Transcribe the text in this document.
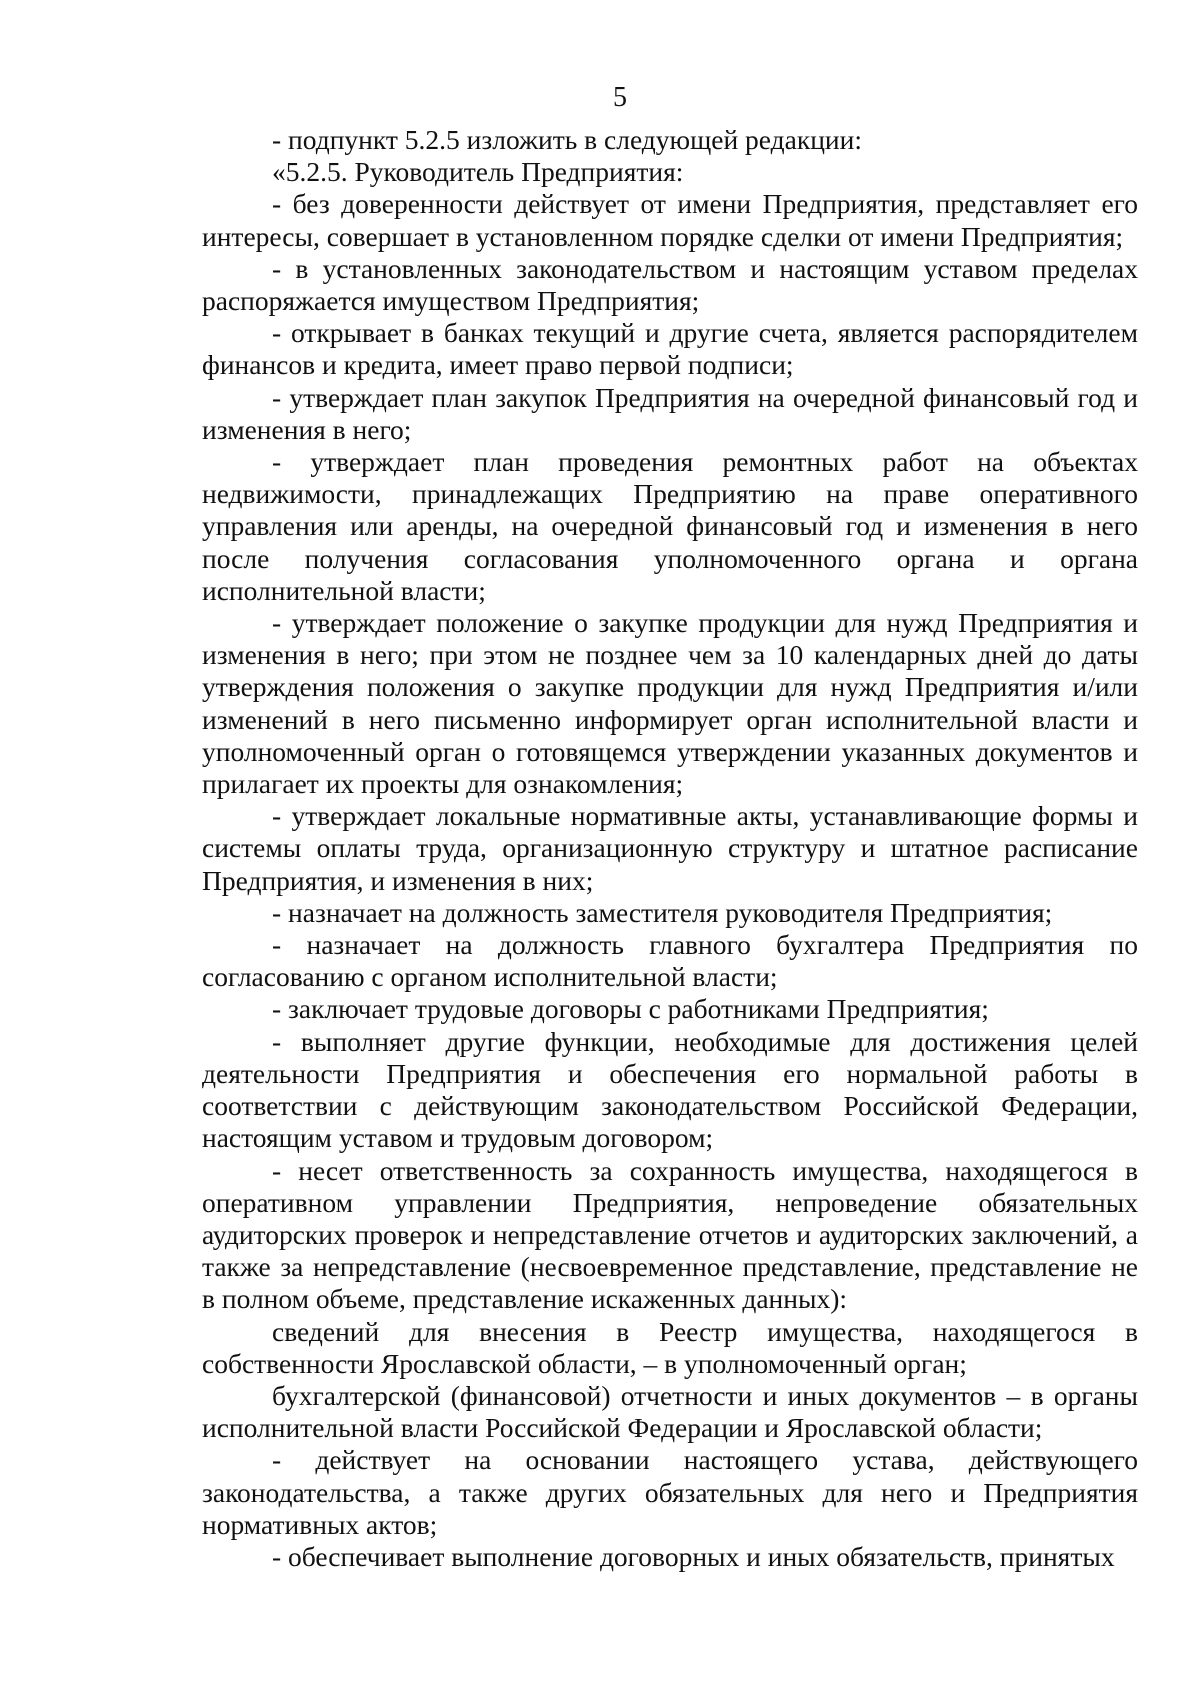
5

- подпункт 5.2.5 изложить в следующей редакции:

«5.2.5. Руководитель Предприятия:

- без доверенности действует от имени Предприятия, представляет его интересы, совершает в установленном порядке сделки от имени Предприятия;

- в установленных законодательством и настоящим уставом пределах распоряжается имуществом Предприятия;

- открывает в банках текущий и другие счета, является распорядителем финансов и кредита, имеет право первой подписи;

- утверждает план закупок Предприятия на очередной финансовый год и изменения в него;

- утверждает план проведения ремонтных работ на объектах недвижимости, принадлежащих Предприятию на праве оперативного управления или аренды, на очередной финансовый год и изменения в него после получения согласования уполномоченного органа и органа исполнительной власти;

- утверждает положение о закупке продукции для нужд Предприятия и изменения в него; при этом не позднее чем за 10 календарных дней до даты утверждения положения о закупке продукции для нужд Предприятия и/или изменений в него письменно информирует орган исполнительной власти и уполномоченный орган о готовящемся утверждении указанных документов и прилагает их проекты для ознакомления;

- утверждает локальные нормативные акты, устанавливающие формы и системы оплаты труда, организационную структуру и штатное расписание Предприятия, и изменения в них;

- назначает на должность заместителя руководителя Предприятия;

- назначает на должность главного бухгалтера Предприятия по согласованию с органом исполнительной власти;

- заключает трудовые договоры с работниками Предприятия;

- выполняет другие функции, необходимые для достижения целей деятельности Предприятия и обеспечения его нормальной работы в соответствии с действующим законодательством Российской Федерации, настоящим уставом и трудовым договором;

- несет ответственность за сохранность имущества, находящегося в оперативном управлении Предприятия, непроведение обязательных аудиторских проверок и непредставление отчетов и аудиторских заключений, а также за непредставление (несвоевременное представление, представление не в полном объеме, представление искаженных данных):

сведений для внесения в Реестр имущества, находящегося в собственности Ярославской области, – в уполномоченный орган;

бухгалтерской (финансовой) отчетности и иных документов – в органы исполнительной власти Российской Федерации и Ярославской области;

- действует на основании настоящего устава, действующего законодательства, а также других обязательных для него и Предприятия нормативных актов;

- обеспечивает выполнение договорных и иных обязательств, принятых
